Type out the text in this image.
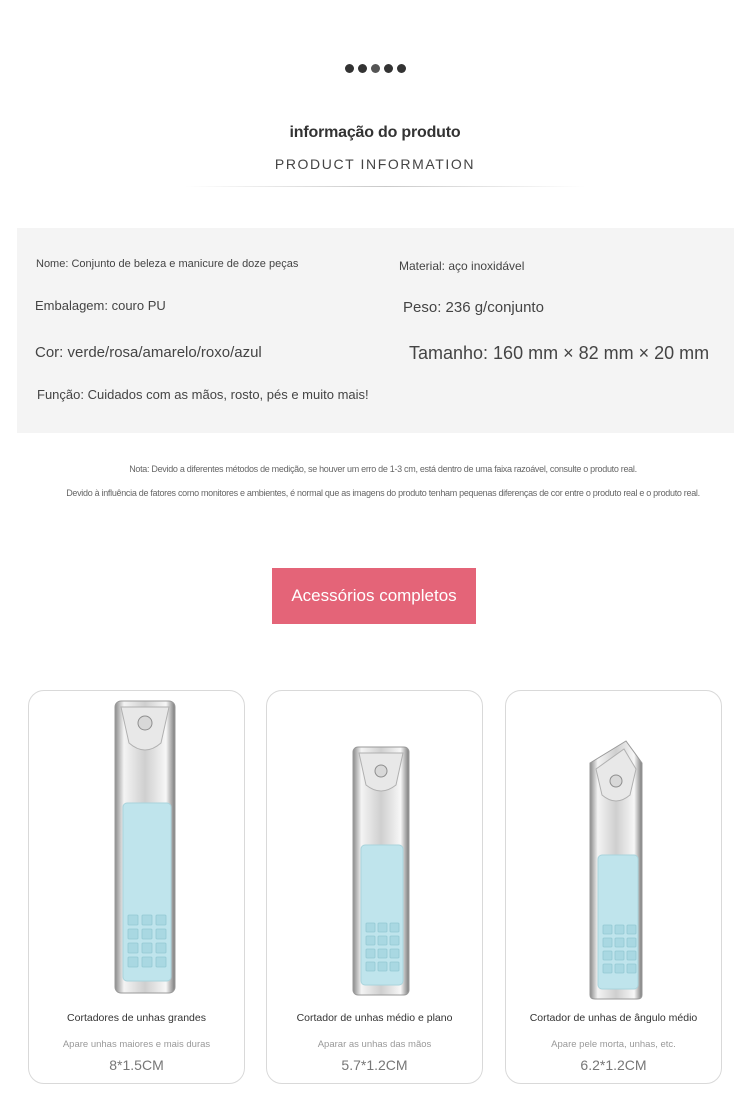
informação do produto
PRODUCT INFORMATION
Nome: Conjunto de beleza e manicure de doze peças	Material: aço inoxidável
Embalagem: couro PU	Peso: 236 g/conjunto
Cor: verde/rosa/amarelo/roxo/azul	Tamanho: 160 mm × 82 mm × 20 mm
Função: Cuidados com as mãos, rosto, pés e muito mais!
Nota: Devido a diferentes métodos de medição, se houver um erro de 1-3 cm, está dentro de uma faixa razoável, consulte o produto real.
Devido à influência de fatores como monitores e ambientes, é normal que as imagens do produto tenham pequenas diferenças de cor entre o produto real e o produto real.
Acessórios completos
Cortadores de unhas grandes
Apare unhas maiores e mais duras
8*1.5CM
Cortador de unhas médio e plano
Aparar as unhas das mãos
5.7*1.2CM
Cortador de unhas de ângulo médio
Apare pele morta, unhas, etc.
6.2*1.2CM
